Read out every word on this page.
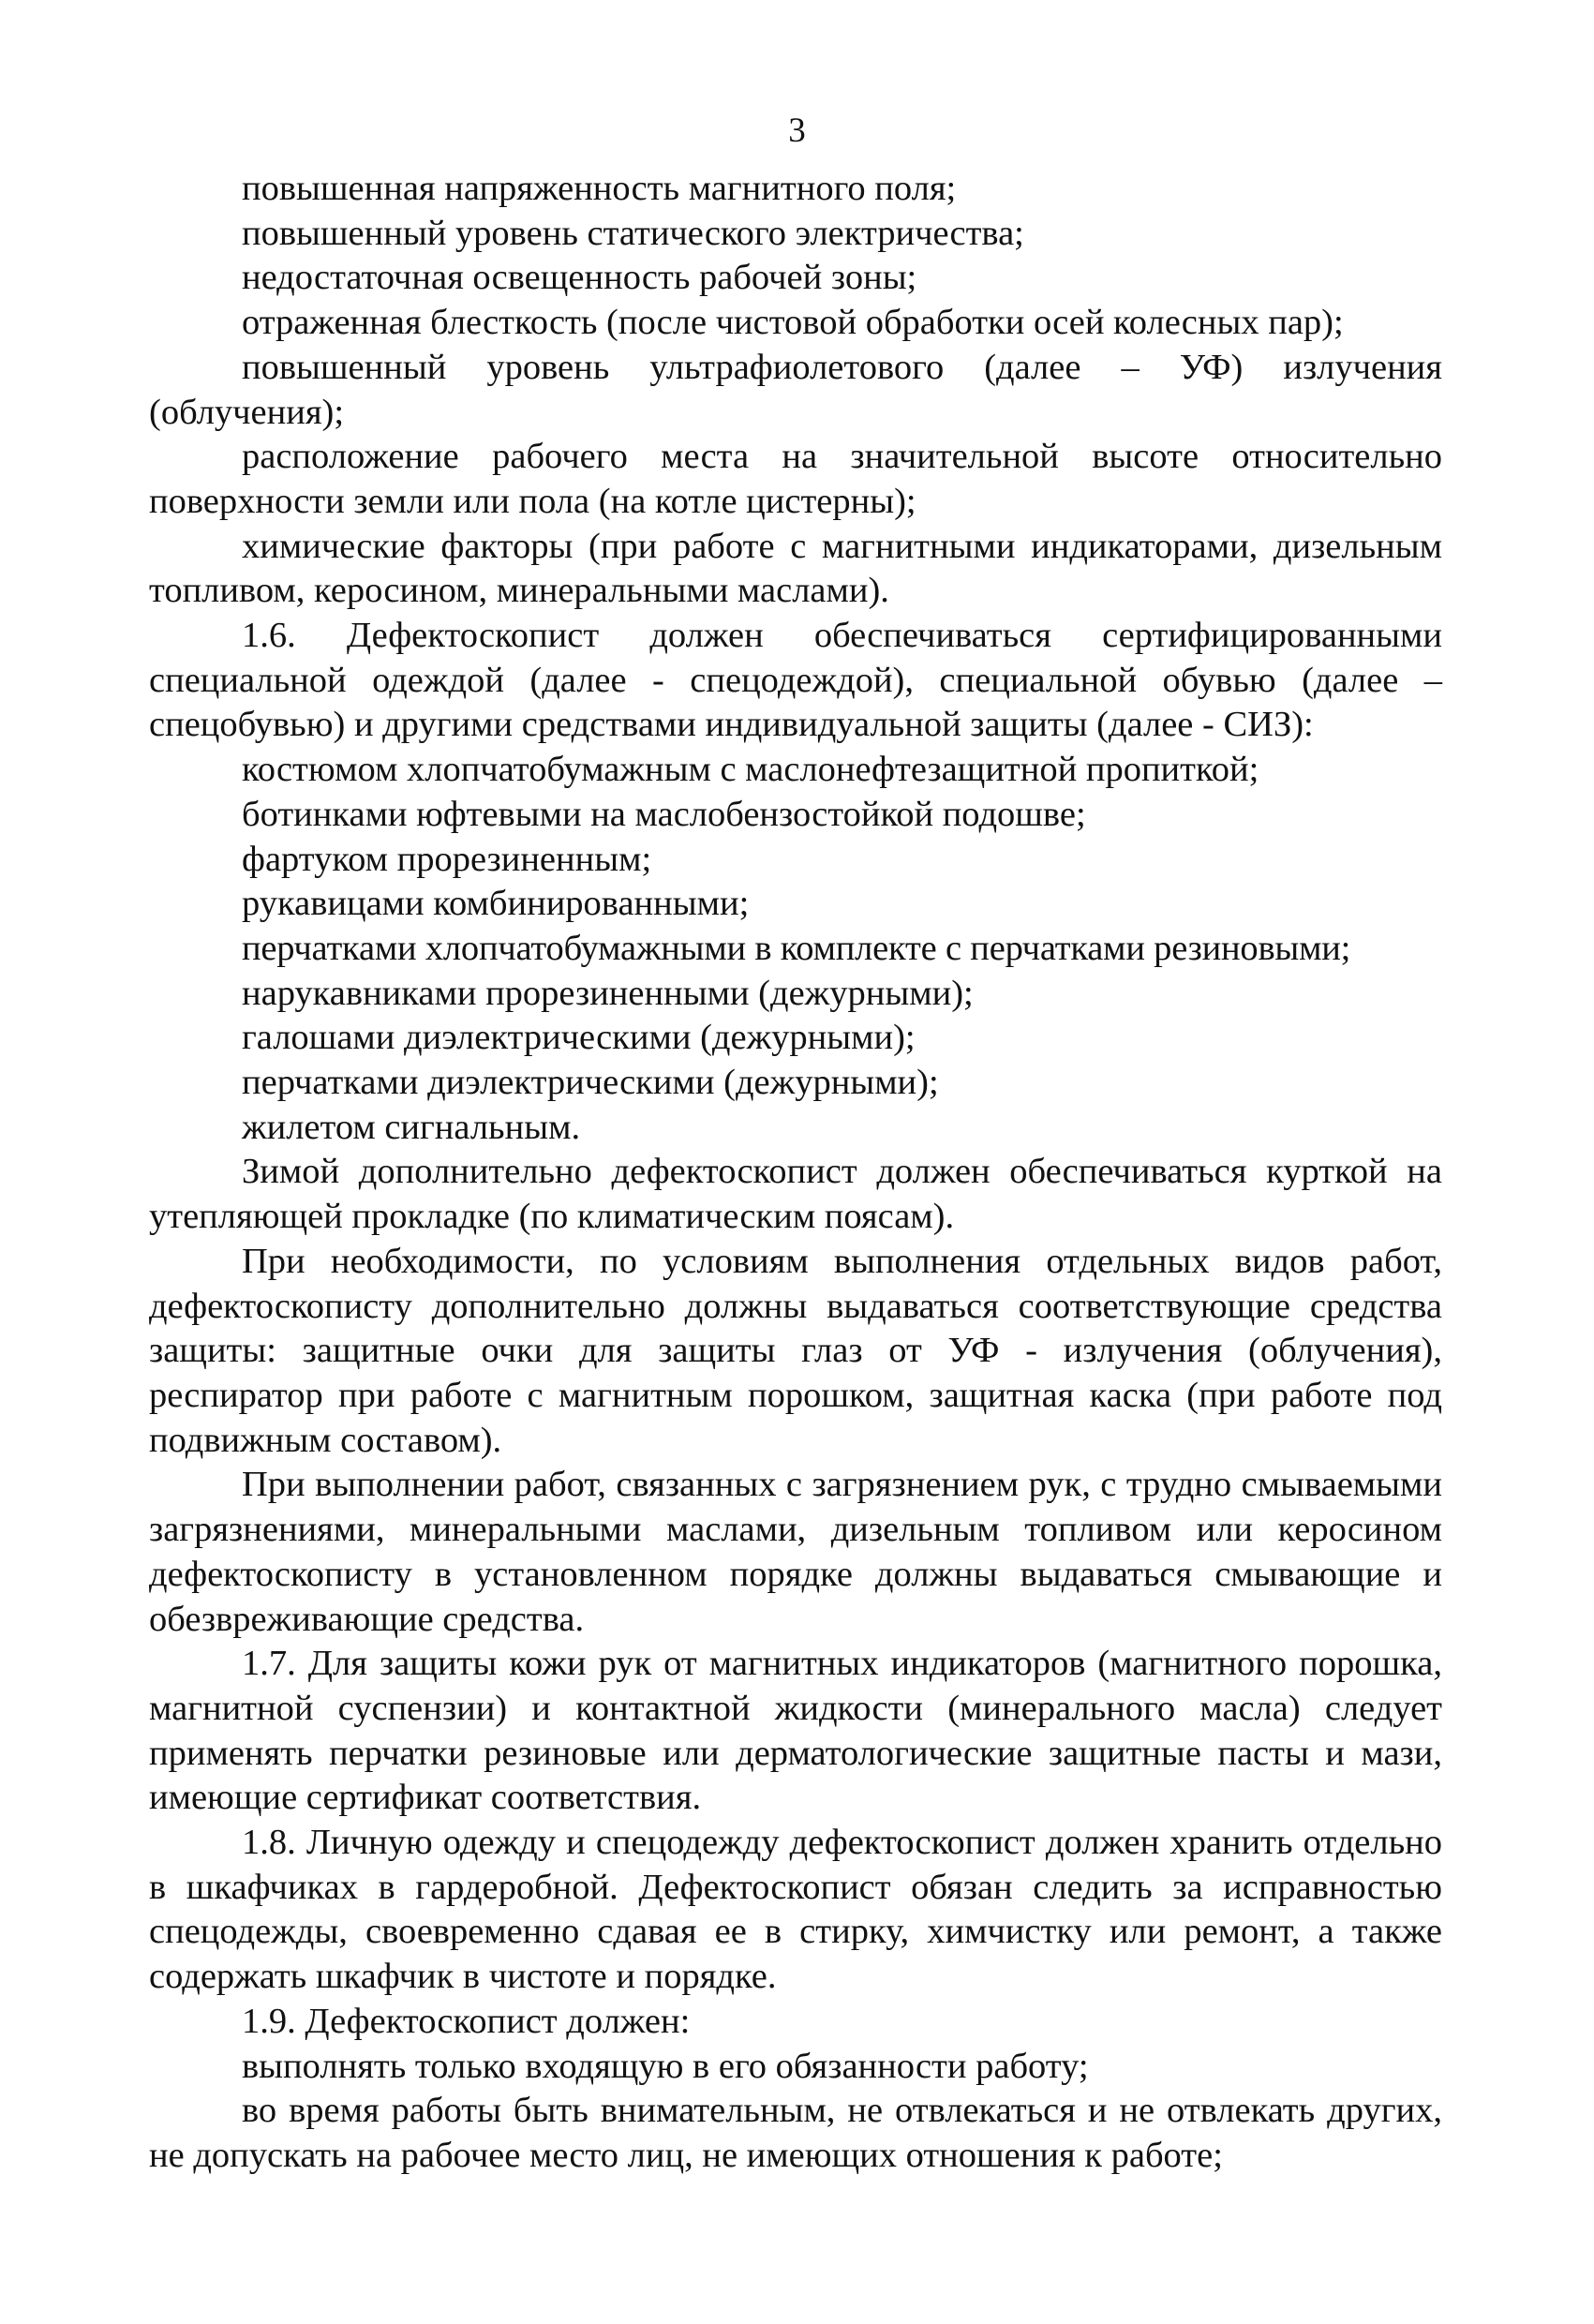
3

повышенная напряженность магнитного поля;

повышенный уровень статического электричества;

недостаточная освещенность рабочей зоны;

отраженная блесткость (после чистовой обработки осей колесных пар);

повышенный уровень ультрафиолетового (далее – УФ) излучения (облучения);

расположение рабочего места на значительной высоте относительно поверхности земли или пола (на котле цистерны);

химические факторы (при работе с магнитными индикаторами, дизельным топливом, керосином, минеральными маслами).

1.6. Дефектоскопист должен обеспечиваться сертифицированными специальной одеждой (далее - спецодеждой), специальной обувью (далее – спецобувью) и другими средствами индивидуальной защиты (далее - СИЗ):

костюмом хлопчатобумажным с маслонефтезащитной пропиткой;

ботинками юфтевыми на маслобензостойкой подошве;

фартуком прорезиненным;

рукавицами комбинированными;

перчатками хлопчатобумажными в комплекте с перчатками резиновыми;

нарукавниками прорезиненными (дежурными);

галошами диэлектрическими (дежурными);

перчатками диэлектрическими (дежурными);

жилетом сигнальным.

Зимой дополнительно дефектоскопист должен обеспечиваться курткой на утепляющей прокладке (по климатическим поясам).

При необходимости, по условиям выполнения отдельных видов работ, дефектоскописту дополнительно должны выдаваться соответствующие средства защиты: защитные очки для защиты глаз от УФ - излучения (облучения), респиратор при работе с магнитным порошком, защитная каска (при работе под подвижным составом).

При выполнении работ, связанных с загрязнением рук, с трудно смываемыми загрязнениями, минеральными маслами, дизельным топливом или керосином дефектоскописту в установленном порядке должны выдаваться смывающие и обезвреживающие средства.

1.7. Для защиты кожи рук от магнитных индикаторов (магнитного порошка, магнитной суспензии) и контактной жидкости (минерального масла) следует применять перчатки резиновые или дерматологические защитные пасты и мази, имеющие сертификат соответствия.

1.8. Личную одежду и спецодежду дефектоскопист должен хранить отдельно в шкафчиках в гардеробной. Дефектоскопист обязан следить за исправностью спецодежды, своевременно сдавая ее в стирку, химчистку или ремонт, а также содержать шкафчик в чистоте и порядке.

1.9. Дефектоскопист должен:

выполнять только входящую в его обязанности работу;

во время работы быть внимательным, не отвлекаться и не отвлекать других, не допускать на рабочее место лиц, не имеющих отношения к работе;
